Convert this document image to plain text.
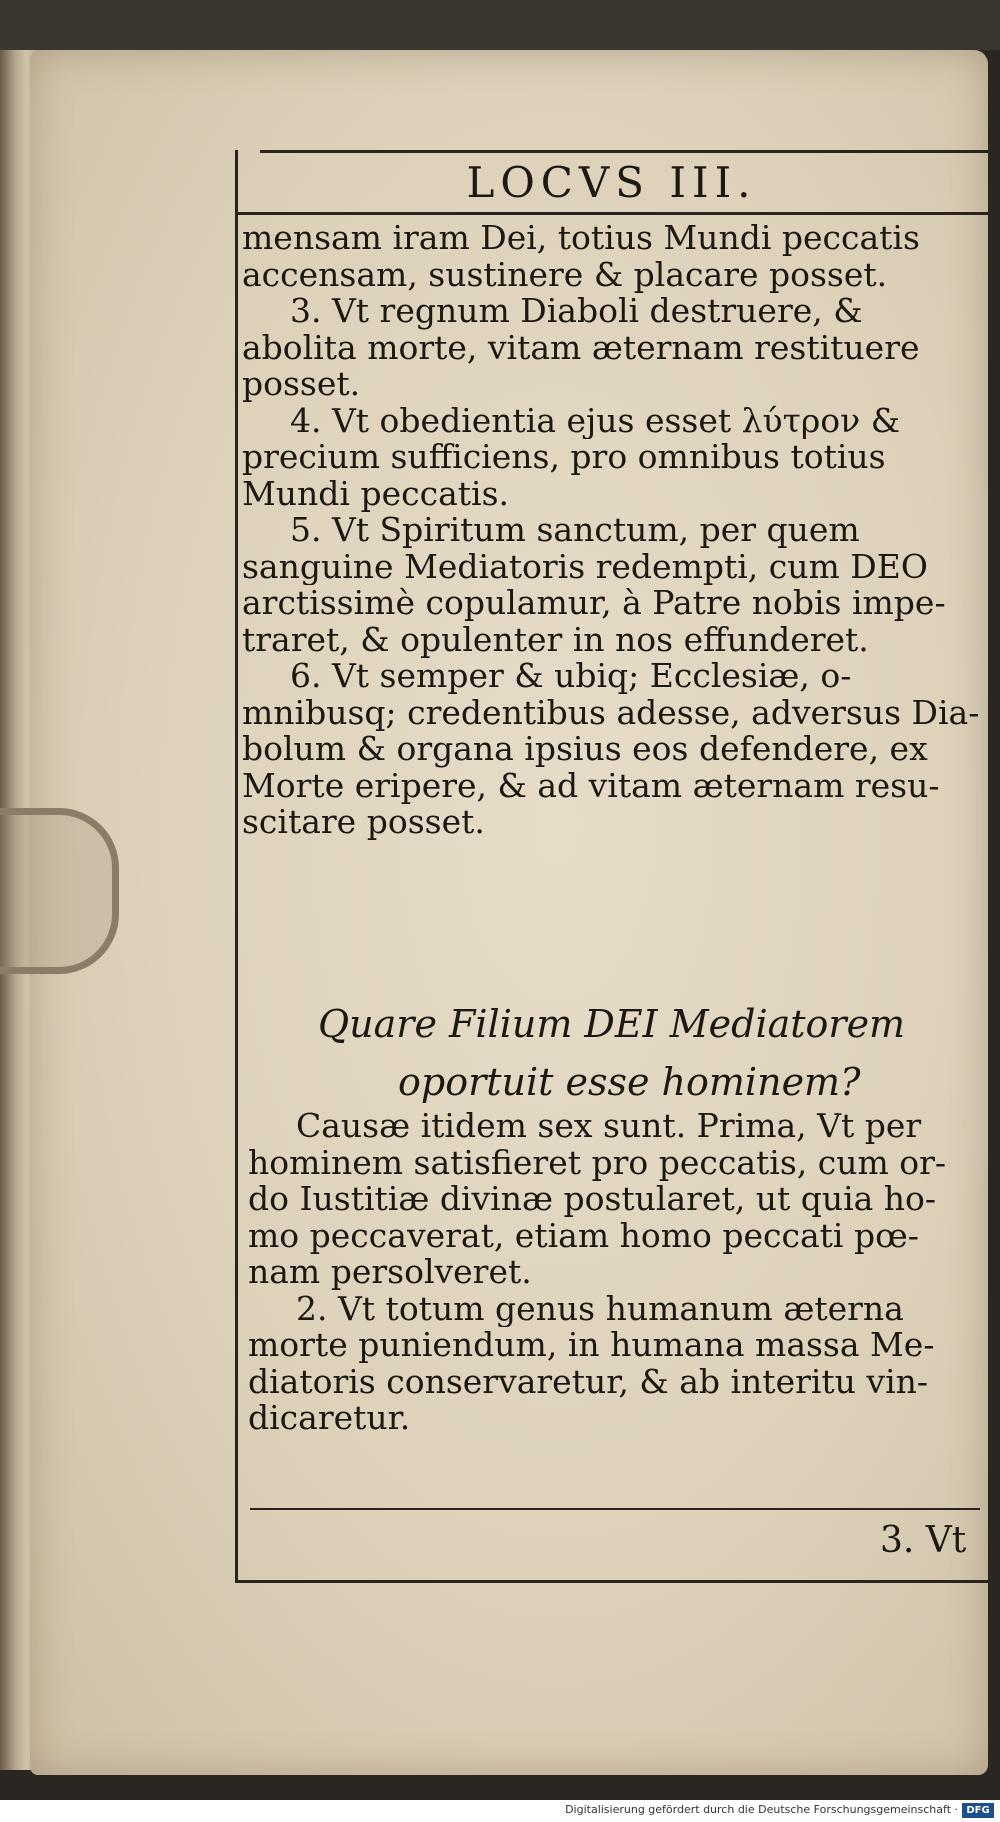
LOCVS III.
mensam iram Dei, totius Mundi peccatis
accensam, sustinere & placare posset.
3. Vt regnum Diaboli destruere, &
abolita morte, vitam æternam restituere
posset.
4. Vt obedientia ejus esset λύτρον &
precium sufficiens, pro omnibus totius
Mundi peccatis.
5. Vt Spiritum sanctum, per quem
sanguine Mediatoris redempti, cum DEO
arctissimè copulamur, à Patre nobis impe-
traret, & opulenter in nos effunderet.
6. Vt semper & ubiq; Ecclesiæ, o-
mnibusq; credentibus adesse, adversus Dia-
bolum & organa ipsius eos defendere, ex
Morte eripere, & ad vitam æternam resu-
scitare posset.
Quare Filium DEI Mediatorem
oportuit esse hominem?
Causæ itidem sex sunt. Prima, Vt per
hominem satisfieret pro peccatis, cum or-
do Iustitiæ divinæ postularet, ut quia ho-
mo peccaverat, etiam homo peccati pœ-
nam persolveret.
2. Vt totum genus humanum æterna
morte puniendum, in humana massa Me-
diatoris conservaretur, & ab interitu vin-
dicaretur.
3. Vt
Digitalisierung gefördert durch die Deutsche Forschungsgemeinschaft · DFG
